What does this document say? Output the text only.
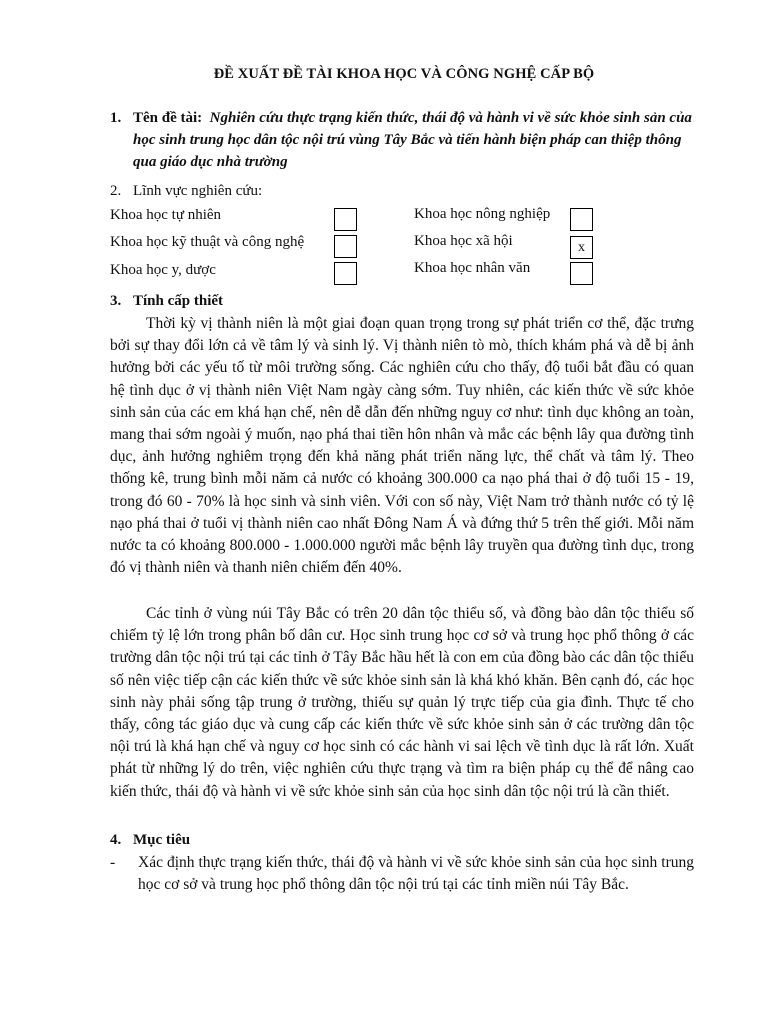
ĐỀ XUẤT ĐỀ TÀI KHOA HỌC VÀ CÔNG NGHỆ CẤP BỘ
1. Tên đề tài: Nghiên cứu thực trạng kiến thức, thái độ và hành vi về sức khỏe sinh sản của học sinh trung học dân tộc nội trú vùng Tây Bắc và tiến hành biện pháp can thiệp thông qua giáo dục nhà trường
2. Lĩnh vực nghiên cứu:
Khoa học tự nhiên
Khoa học kỹ thuật và công nghệ
Khoa học y, dược
Khoa học nông nghiệp
Khoa học xã hội	x
Khoa học nhân văn
3. Tính cấp thiết
Thời kỳ vị thành niên là một giai đoạn quan trọng trong sự phát triển cơ thể, đặc trưng bởi sự thay đổi lớn cả về tâm lý và sinh lý. Vị thành niên tò mò, thích khám phá và dễ bị ảnh hưởng bởi các yếu tố từ môi trường sống. Các nghiên cứu cho thấy, độ tuổi bắt đầu có quan hệ tình dục ở vị thành niên Việt Nam ngày càng sớm. Tuy nhiên, các kiến thức về sức khỏe sinh sản của các em khá hạn chế, nên dễ dẫn đến những nguy cơ như: tình dục không an toàn, mang thai sớm ngoài ý muốn, nạo phá thai tiền hôn nhân và mắc các bệnh lây qua đường tình dục, ảnh hưởng nghiêm trọng đến khả năng phát triển năng lực, thể chất và tâm lý. Theo thống kê, trung bình mỗi năm cả nước có khoảng 300.000 ca nạo phá thai ở độ tuổi 15 - 19, trong đó 60 - 70% là học sinh và sinh viên. Với con số này, Việt Nam trở thành nước có tỷ lệ nạo phá thai ở tuổi vị thành niên cao nhất Đông Nam Á và đứng thứ 5 trên thế giới. Mỗi năm nước ta có khoảng 800.000 - 1.000.000 người mắc bệnh lây truyền qua đường tình dục, trong đó vị thành niên và thanh niên chiếm đến 40%.
Các tỉnh ở vùng núi Tây Bắc có trên 20 dân tộc thiểu số, và đồng bào dân tộc thiểu số chiếm tỷ lệ lớn trong phân bố dân cư. Học sinh trung học cơ sở và trung học phổ thông ở các trường dân tộc nội trú tại các tỉnh ở Tây Bắc hầu hết là con em của đồng bào các dân tộc thiểu số nên việc tiếp cận các kiến thức về sức khỏe sinh sản là khá khó khăn. Bên cạnh đó, các học sinh này phải sống tập trung ở trường, thiếu sự quản lý trực tiếp của gia đình. Thực tế cho thấy, công tác giáo dục và cung cấp các kiến thức về sức khỏe sinh sản ở các trường dân tộc nội trú là khá hạn chế và nguy cơ học sinh có các hành vi sai lệch về tình dục là rất lớn. Xuất phát từ những lý do trên, việc nghiên cứu thực trạng và tìm ra biện pháp cụ thể để nâng cao kiến thức, thái độ và hành vi về sức khỏe sinh sản của học sinh dân tộc nội trú là cần thiết.
4. Mục tiêu
- Xác định thực trạng kiến thức, thái độ và hành vi về sức khỏe sinh sản của học sinh trung học cơ sở và trung học phổ thông dân tộc nội trú tại các tỉnh miền núi Tây Bắc.
